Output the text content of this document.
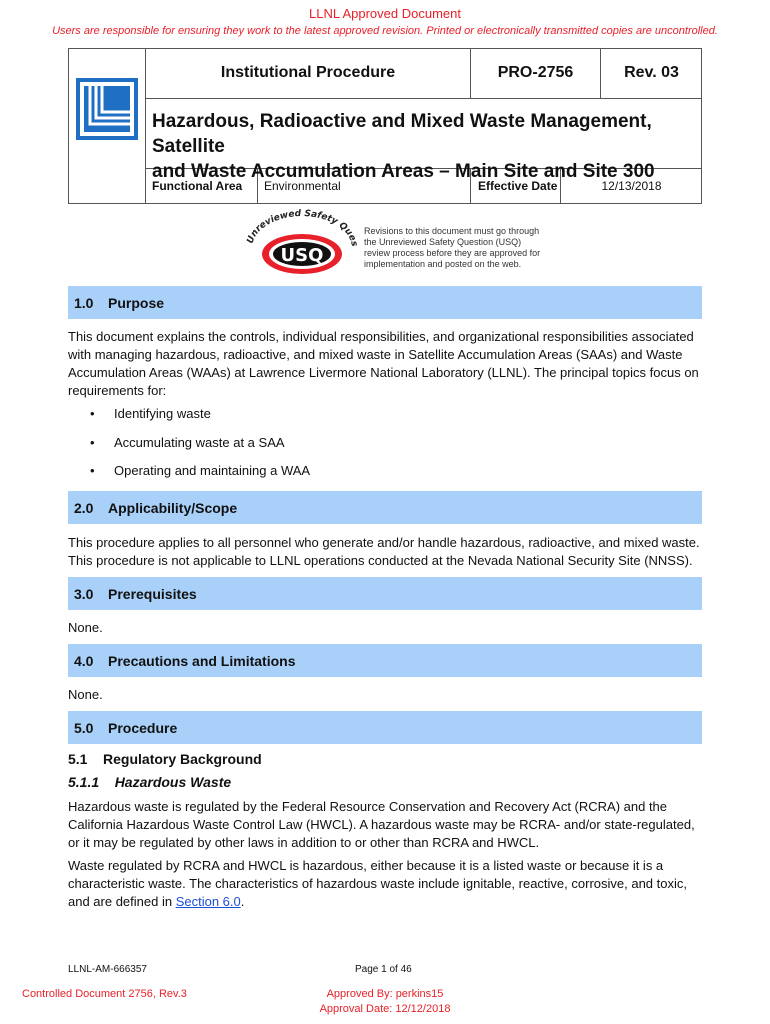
LLNL Approved Document
Users are responsible for ensuring they work to the latest approved revision. Printed or electronically transmitted copies are uncontrolled.
Institutional Procedure	PRO-2756	Rev. 03
Hazardous, Radioactive and Mixed Waste Management, Satellite
and Waste Accumulation Areas – Main Site and Site 300
Functional Area	Environmental	Effective Date	12/13/2018
Unreviewed Safety Ques
USQ
Revisions to this document must go through
the Unreviewed Safety Question (USQ)
review process before they are approved for
implementation and posted on the web.
1.0	Purpose
This document explains the controls, individual responsibilities, and organizational responsibilities associated with managing hazardous, radioactive, and mixed waste in Satellite Accumulation Areas (SAAs) and Waste Accumulation Areas (WAAs) at Lawrence Livermore National Laboratory (LLNL). The principal topics focus on requirements for:
• Identifying waste
• Accumulating waste at a SAA
• Operating and maintaining a WAA
2.0	Applicability/Scope
This procedure applies to all personnel who generate and/or handle hazardous, radioactive, and mixed waste. This procedure is not applicable to LLNL operations conducted at the Nevada National Security Site (NNSS).
3.0	Prerequisites
None.
4.0	Precautions and Limitations
None.
5.0	Procedure
5.1    Regulatory Background
5.1.1    Hazardous Waste
Hazardous waste is regulated by the Federal Resource Conservation and Recovery Act (RCRA) and the California Hazardous Waste Control Law (HWCL). A hazardous waste may be RCRA- and/or state-regulated, or it may be regulated by other laws in addition to or other than RCRA and HWCL.
Waste regulated by RCRA and HWCL is hazardous, either because it is a listed waste or because it is a characteristic waste. The characteristics of hazardous waste include ignitable, reactive, corrosive, and toxic, and are defined in Section 6.0.
LLNL-AM-666357	Page 1 of 46
Controlled Document 2756, Rev.3	Approved By: perkins15
Approval Date: 12/12/2018
